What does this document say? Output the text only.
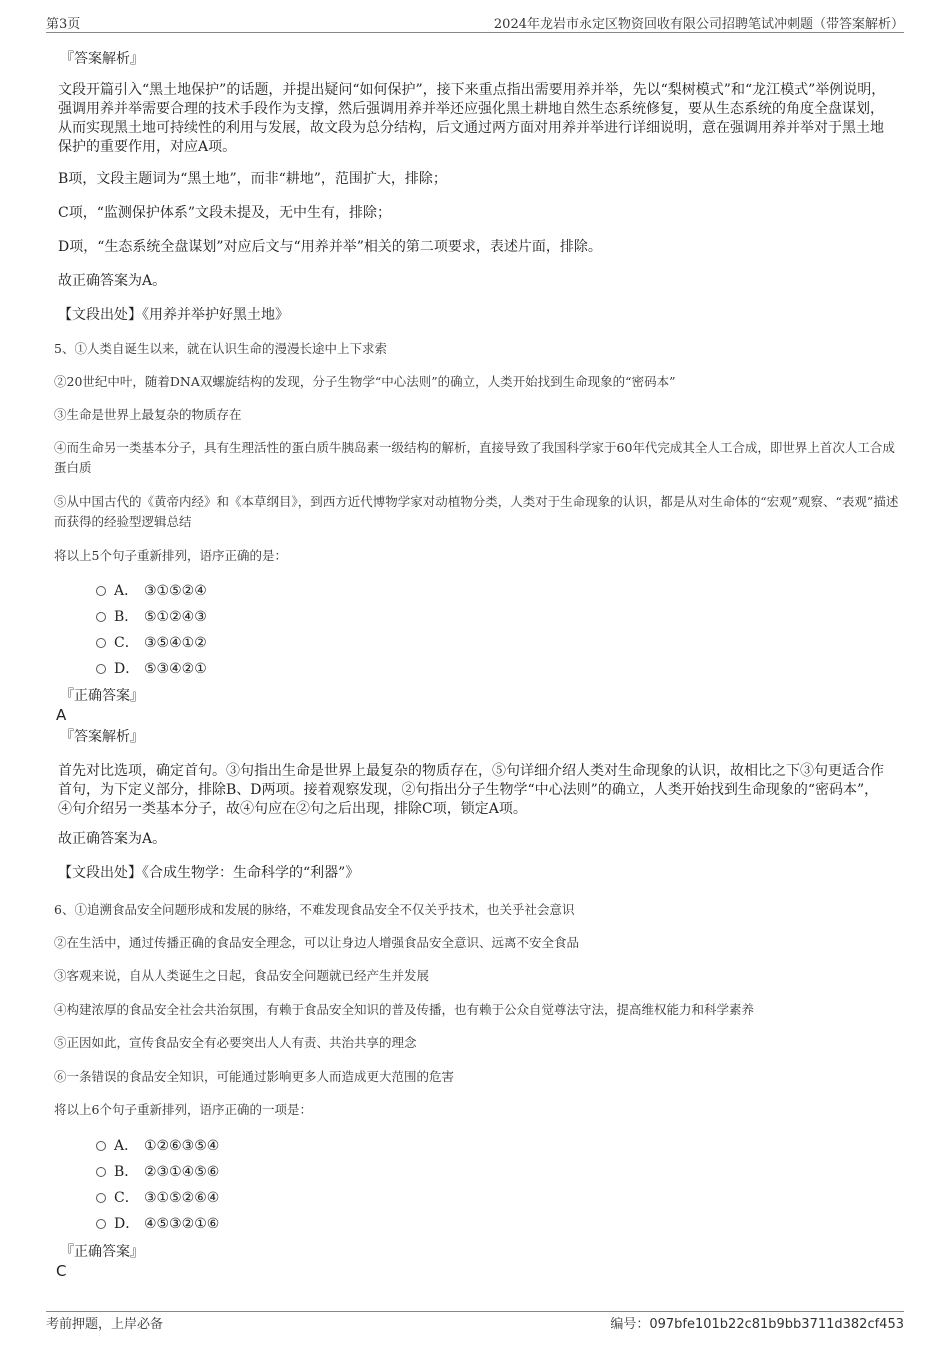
第3页	2024年龙岩市永定区物资回收有限公司招聘笔试冲刺题（带答案解析）
『答案解析』
文段开篇引入“黑土地保护”的话题，并提出疑问“如何保护”，接下来重点指出需要用养并举，先以“梨树模式”和“龙江模式”举例说明，强调用养并举需要合理的技术手段作为支撑，然后强调用养并举还应强化黑土耕地自然生态系统修复，要从生态系统的角度全盘谋划，从而实现黑土地可持续性的利用与发展，故文段为总分结构，后文通过两方面对用养并举进行详细说明，意在强调用养并举对于黑土地保护的重要作用，对应A项。
B项，文段主题词为“黑土地”，而非“耕地”，范围扩大，排除；
C项，“监测保护体系”文段未提及，无中生有，排除；
D项，“生态系统全盘谋划”对应后文与“用养并举”相关的第二项要求，表述片面，排除。
故正确答案为A。
【文段出处】《用养并举护好黑土地》
5、①人类自诞生以来，就在认识生命的漫漫长途中上下求索
②20世纪中叶，随着DNA双螺旋结构的发现，分子生物学“中心法则”的确立，人类开始找到生命现象的“密码本”
③生命是世界上最复杂的物质存在
④而生命另一类基本分子，具有生理活性的蛋白质牛胰岛素一级结构的解析，直接导致了我国科学家于60年代完成其全人工合成，即世界上首次人工合成蛋白质
⑤从中国古代的《黄帝内经》和《本草纲目》，到西方近代博物学家对动植物分类，人类对于生命现象的认识，都是从对生命体的“宏观”观察、“表观”描述而获得的经验型逻辑总结
将以上5个句子重新排列，语序正确的是：
A． ③①⑤②④
B． ⑤①②④③
C． ③⑤④①②
D． ⑤③④②①
『正确答案』
A
『答案解析』
首先对比选项，确定首句。③句指出生命是世界上最复杂的物质存在，⑤句详细介绍人类对生命现象的认识，故相比之下③句更适合作首句，为下定义部分，排除B、D两项。接着观察发现，②句指出分子生物学“中心法则”的确立，人类开始找到生命现象的“密码本”，④句介绍另一类基本分子，故④句应在②句之后出现，排除C项，锁定A项。
故正确答案为A。
【文段出处】《合成生物学：生命科学的“利器”》
6、①追溯食品安全问题形成和发展的脉络，不难发现食品安全不仅关乎技术，也关乎社会意识
②在生活中，通过传播正确的食品安全理念，可以让身边人增强食品安全意识、远离不安全食品
③客观来说，自从人类诞生之日起，食品安全问题就已经产生并发展
④构建浓厚的食品安全社会共治氛围，有赖于食品安全知识的普及传播，也有赖于公众自觉尊法守法，提高维权能力和科学素养
⑤正因如此，宣传食品安全有必要突出人人有责、共治共享的理念
⑥一条错误的食品安全知识，可能通过影响更多人而造成更大范围的危害
将以上6个句子重新排列，语序正确的一项是：
A． ①②⑥③⑤④
B． ②③①④⑤⑥
C． ③①⑤②⑥④
D． ④⑤③②①⑥
『正确答案』
C
考前押题，上岸必备	编号：097bfe101b22c81b9bb3711d382cf453
